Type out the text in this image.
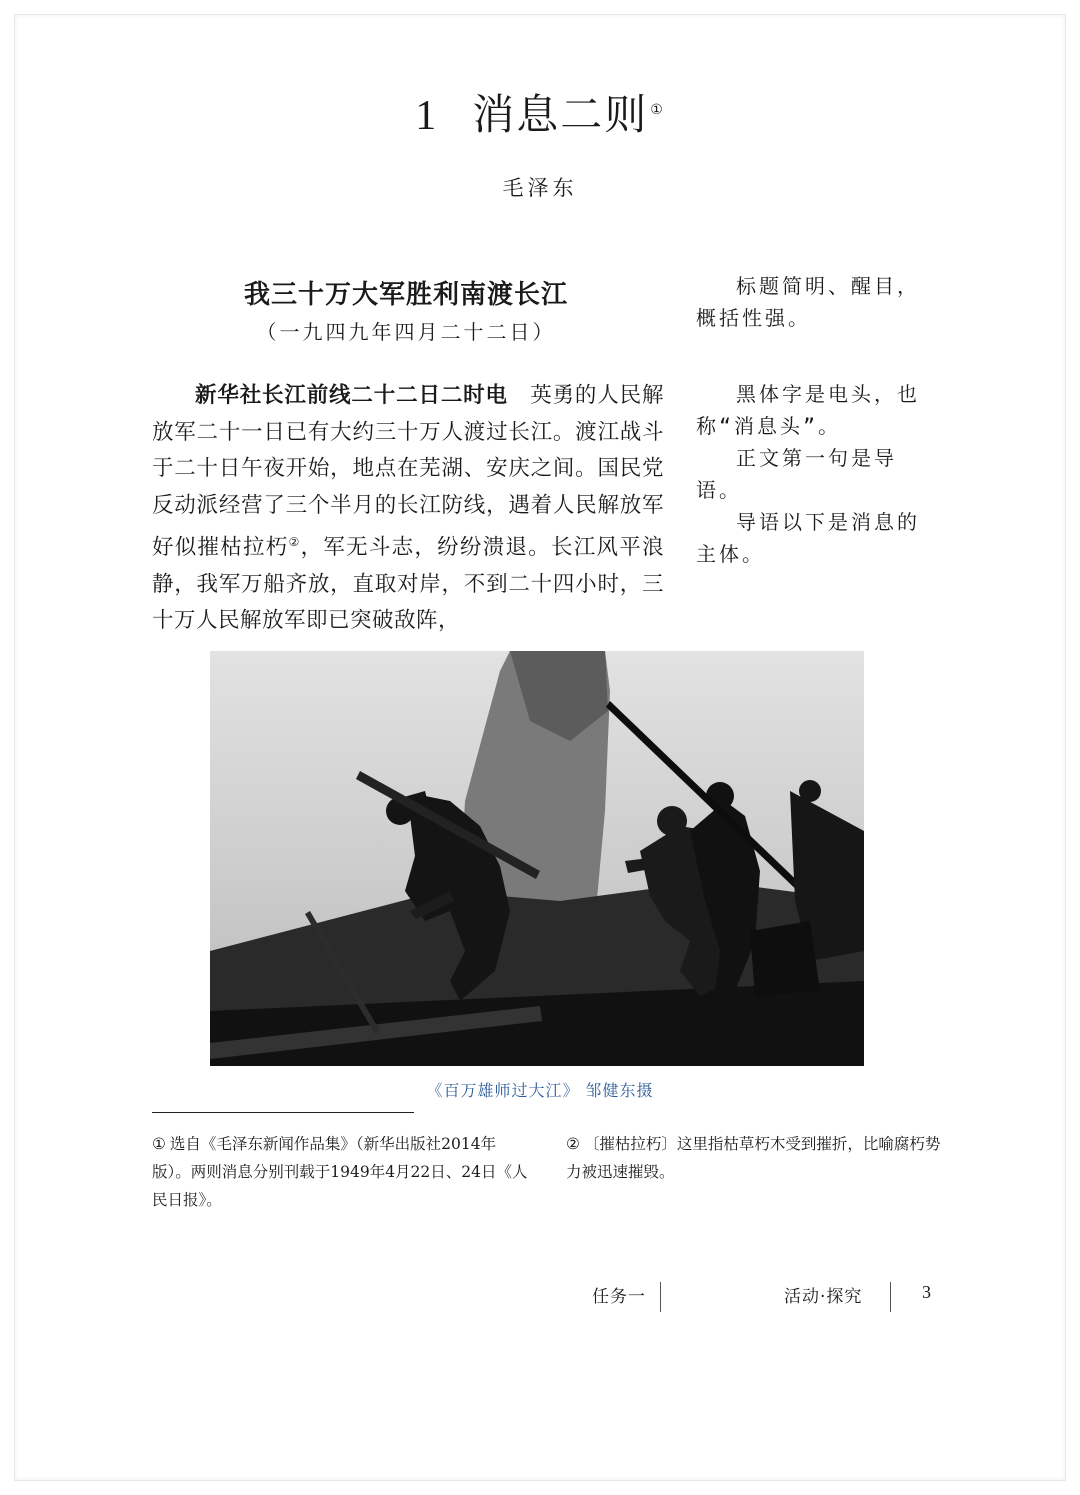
1 消息二则 ①
毛泽东
我三十万大军胜利南渡长江
（一九四九年四月二十二日）
新华社长江前线二十二日二时电　 英勇的人民解放军二十一日已有大约三十万人渡过长江。渡江战斗于二十日午夜开始，地点在芜湖、安庆之间。国民党反动派经营了三个半月的长江防线，遇着人民解放军好似摧枯拉朽②，军无斗志，纷纷溃退。长江风平浪静，我军万船齐放，直取对岸，不到二十四小时，三十万人民解放军即已突破敌阵，

标题简明、醒目，概括性强。

黑体字是电头，也称“消息头”。

正文第一句是导语。

导语以下是消息的主体。

《百万雄师过大江》 邹健东摄
① 选自《毛泽东新闻作品集》（新华出版社2014年版）。两则消息分别刊载于1949年4月22日、24日《人民日报》。
② 〔摧枯拉朽〕这里指枯草朽木受到摧折，比喻腐朽势力被迅速摧毁。
任务一	活动·探究	3
